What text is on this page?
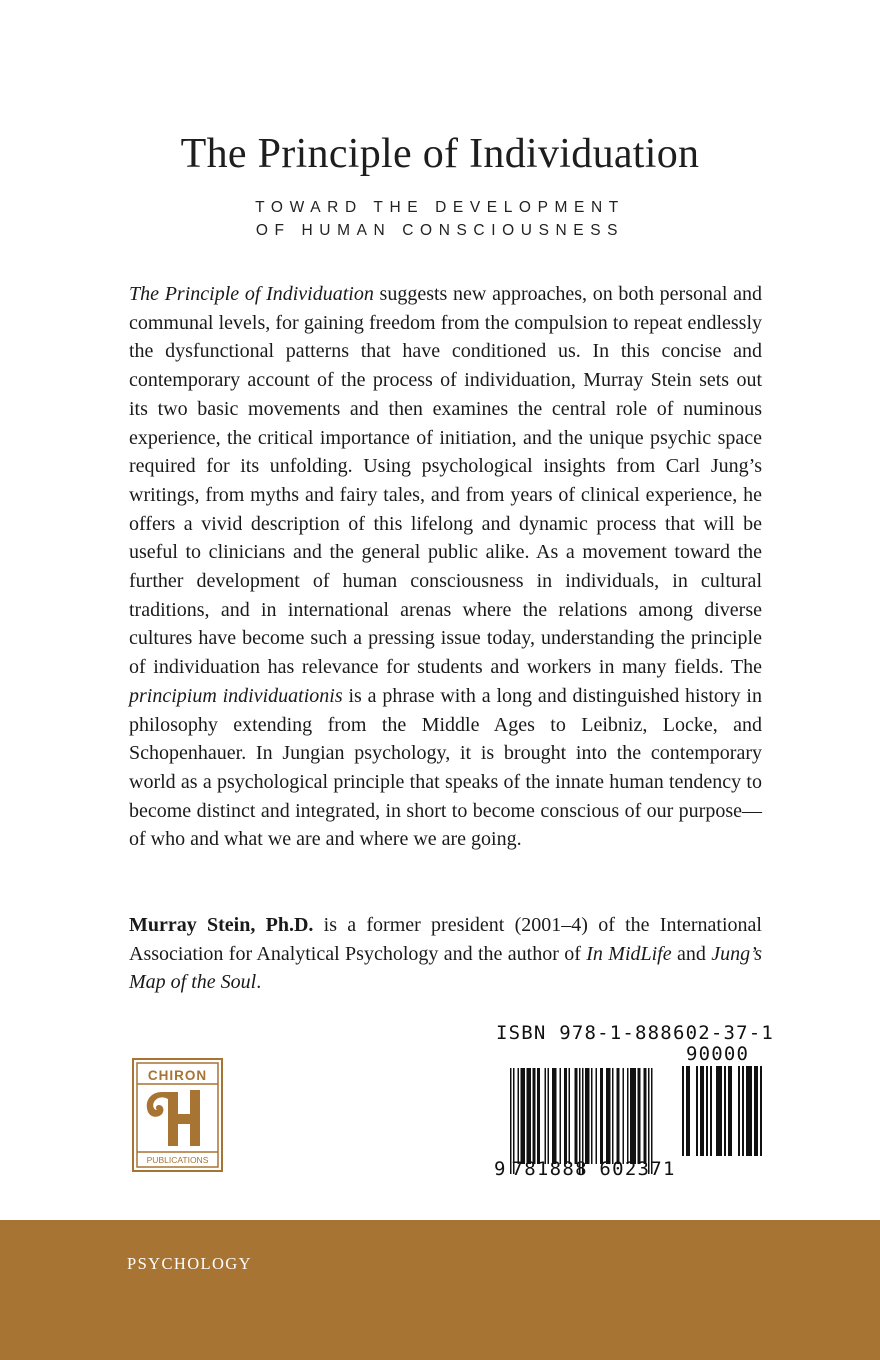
The Principle of Individuation
TOWARD THE DEVELOPMENT
OF HUMAN CONSCIOUSNESS

The Principle of Individuation suggests new approaches, on both personal and communal levels, for gaining freedom from the compulsion to repeat endlessly the dysfunctional patterns that have conditioned us. In this concise and contemporary account of the process of individuation, Murray Stein sets out its two basic movements and then examines the central role of numinous experience, the critical importance of initiation, and the unique psychic space required for its unfolding. Using psychological insights from Carl Jung’s writings, from myths and fairy tales, and from years of clinical experience, he offers a vivid description of this lifelong and dynamic process that will be useful to clinicians and the general public alike. As a movement toward the further development of human consciousness in individuals, in cultural traditions, and in international arenas where the relations among diverse cultures have become such a pressing issue today, understanding the principle of individuation has relevance for students and workers in many fields. The principium individuationis is a phrase with a long and distinguished history in philosophy extending from the Middle Ages to Leibniz, Locke, and Schopenhauer. In Jungian psychology, it is brought into the contemporary world as a psychological principle that speaks of the innate human tendency to become distinct and integrated, in short to become conscious of our purpose—of who and what we are and where we are going.

Murray Stein, Ph.D. is a former president (2001–4) of the International Association for Analytical Psychology and the author of In MidLife and Jung’s Map of the Soul.

CHIRON
PUBLICATIONS
ISBN 978-1-888602-37-1
90000
9 781888 602371
PSYCHOLOGY
